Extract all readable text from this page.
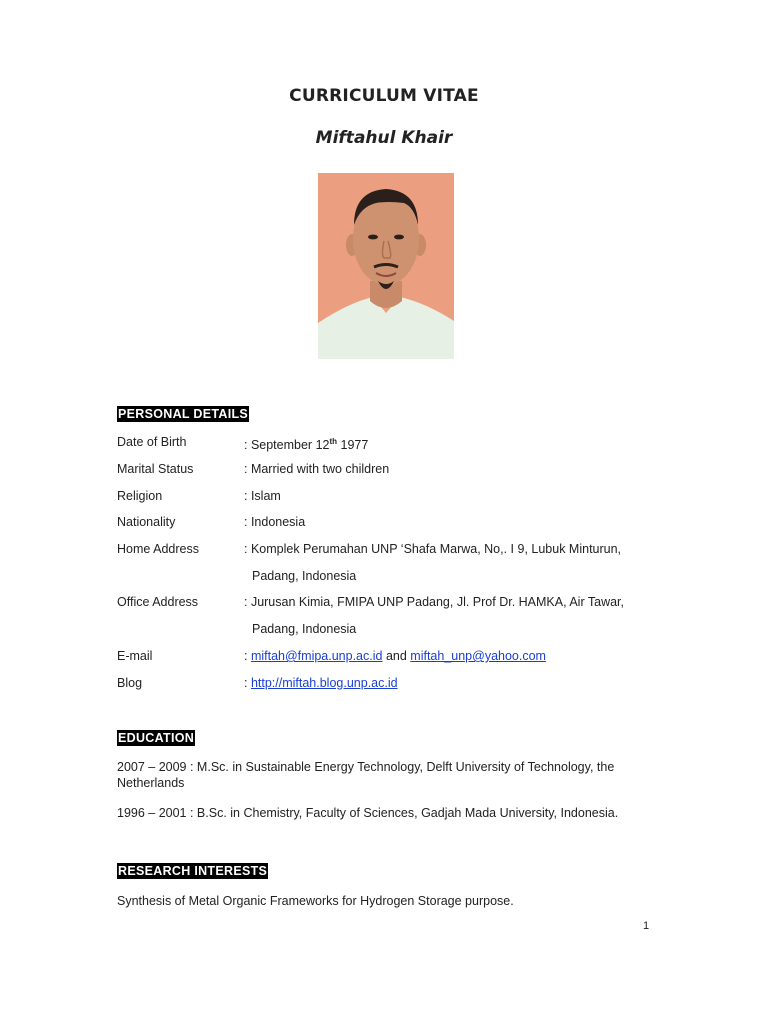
CURRICULUM VITAE
Miftahul Khair
PERSONAL DETAILS
Date of Birth	: September 12th 1977
Marital Status	: Married with two children
Religion	: Islam
Nationality	: Indonesia
Home Address	: Komplek Perumahan UNP ‘Shafa Marwa, No,. I 9, Lubuk Minturun,
Padang, Indonesia
Office Address	: Jurusan Kimia, FMIPA UNP Padang, Jl. Prof Dr. HAMKA, Air Tawar,
Padang, Indonesia
E-mail	: miftah@fmipa.unp.ac.id and miftah_unp@yahoo.com
Blog	: http://miftah.blog.unp.ac.id
EDUCATION
2007 – 2009 : M.Sc. in Sustainable Energy Technology, Delft University of Technology, the Netherlands
1996 – 2001 : B.Sc. in Chemistry, Faculty of Sciences, Gadjah Mada University, Indonesia.
RESEARCH INTERESTS
Synthesis of Metal Organic Frameworks for Hydrogen Storage purpose.
1
